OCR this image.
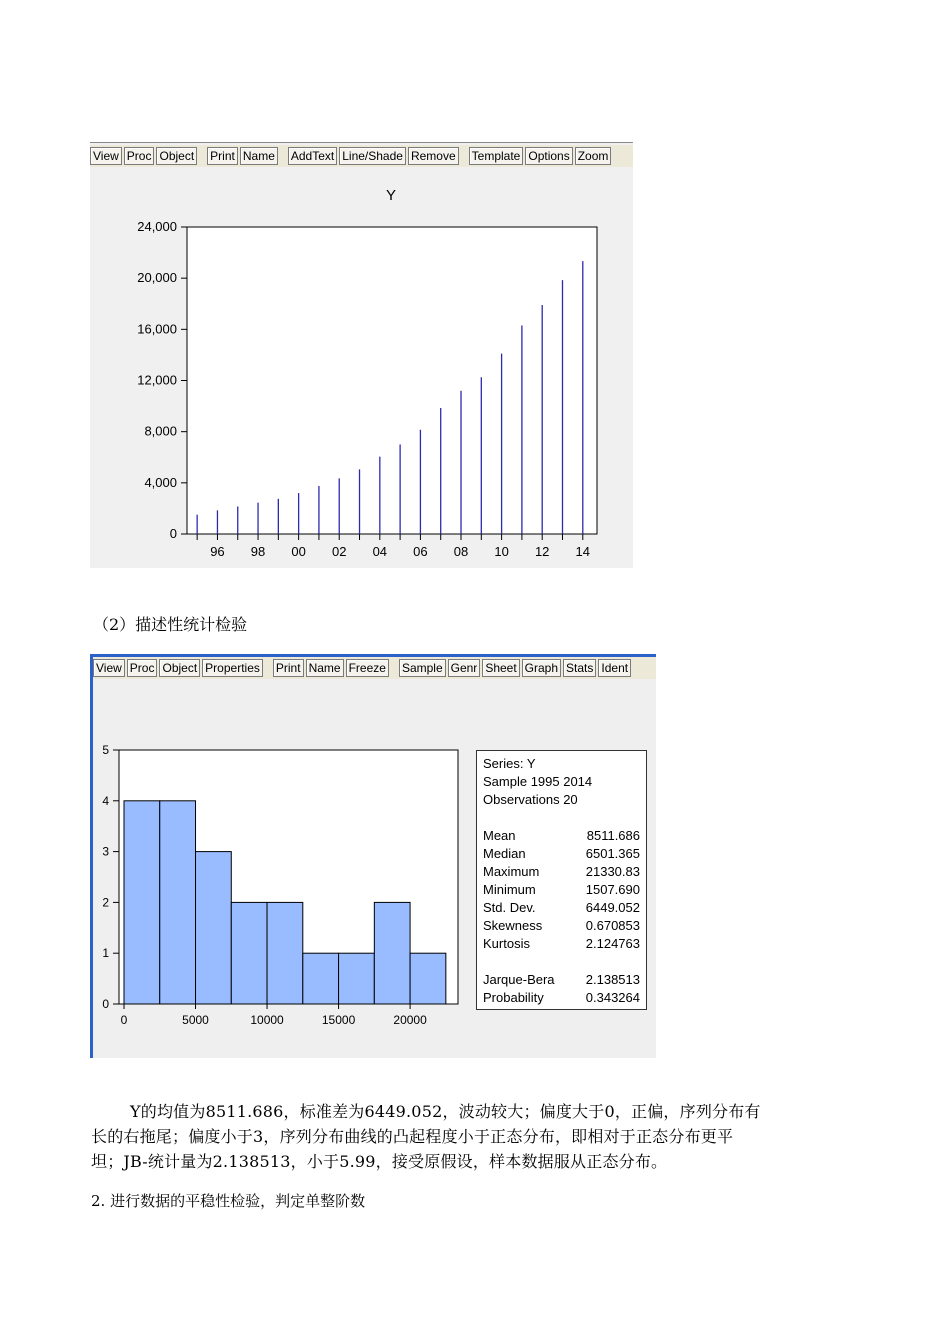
View Proc Object Print Name AddText Line/Shade Remove Template Options Zoom
Y
0
4,000
8,000
12,000
16,000
20,000
24,000
96 98 00 02 04 06 08 10 12 14
（2）描述性统计检验
View Proc Object Properties Print Name Freeze Sample Genr Sheet Graph Stats Ident
0
1
2
3
4
5
0	5000	10000	15000	20000
Series: Y
Sample 1995 2014
Observations 20
Mean	8511.686
Median	6501.365
Maximum	21330.83
Minimum	1507.690
Std. Dev.	6449.052
Skewness	0.670853
Kurtosis	2.124763
Jarque-Bera 2.138513
Probability	0.343264
Y的均值为8511.686，标准差为6449.052，波动较大；偏度大于0，正偏，序列分布有
长的右拖尾；偏度小于3，序列分布曲线的凸起程度小于正态分布，即相对于正态分布更平
坦；JB-统计量为2.138513，小于5.99，接受原假设，样本数据服从正态分布。
2. 进行数据的平稳性检验，判定单整阶数
